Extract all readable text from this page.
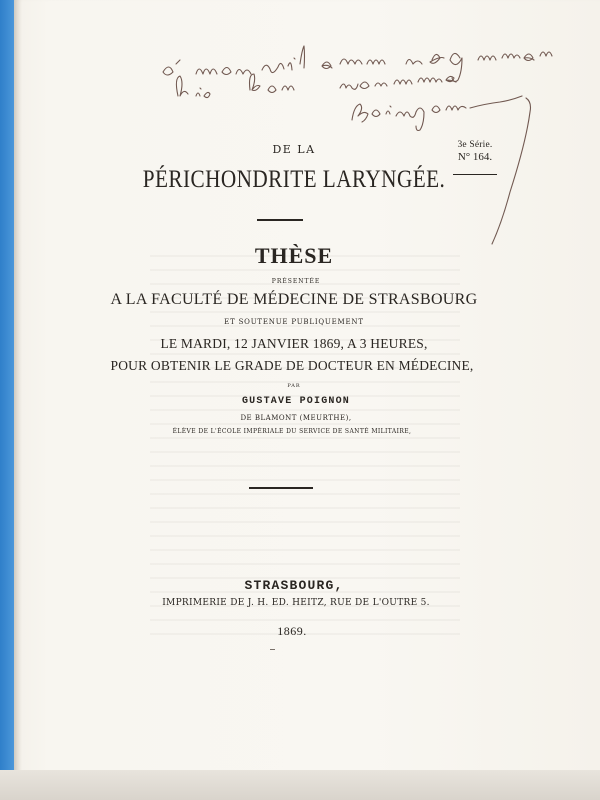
3e Série.
N° 164.
DE LA
PÉRICHONDRITE LARYNGÉE.
THÈSE
PRÉSENTÉE
A LA FACULTÉ DE MÉDECINE DE STRASBOURG
ET SOUTENUE PUBLIQUEMENT
LE MARDI, 12 JANVIER 1869, A 3 HEURES,
POUR OBTENIR LE GRADE DE DOCTEUR EN MÉDECINE,
PAR
GUSTAVE POIGNON
DE BLAMONT (MEURTHE),
ÉLÈVE DE L'ÉCOLE IMPÉRIALE DU SERVICE DE SANTÉ MILITAIRE,
STRASBOURG,
IMPRIMERIE DE J. H. ED. HEITZ, RUE DE L'OUTRE 5.
1869.
